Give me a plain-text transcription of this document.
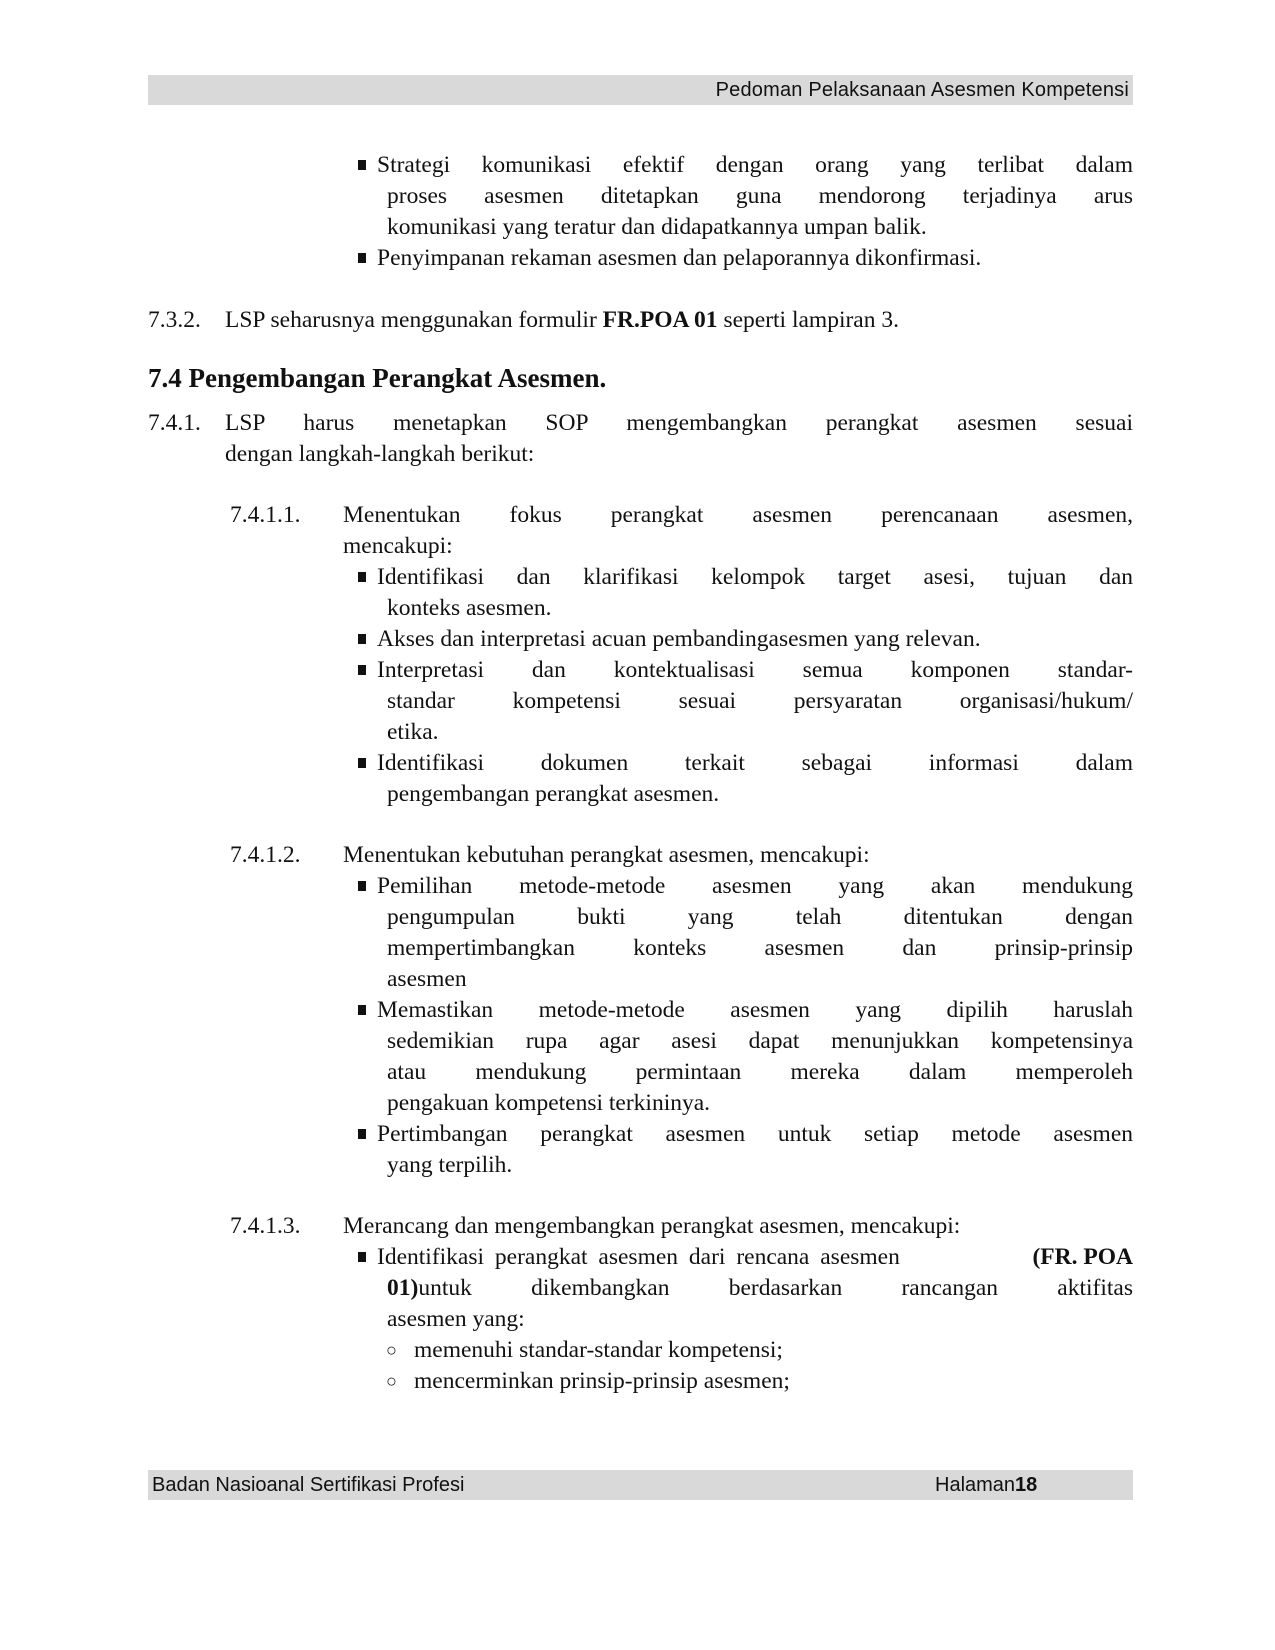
Pedoman Pelaksanaan Asesmen Kompetensi
Strategi komunikasi efektif dengan orang yang terlibat dalam
proses asesmen ditetapkan guna mendorong terjadinya arus
komunikasi yang teratur dan didapatkannya umpan balik.
Penyimpanan rekaman asesmen dan pelaporannya dikonfirmasi.
7.3.2. LSP seharusnya menggunakan formulir FR.POA 01 seperti lampiran 3.
7.4 Pengembangan Perangkat Asesmen.
7.4.1. LSP harus menetapkan SOP mengembangkan perangkat asesmen sesuai
dengan langkah-langkah berikut:
7.4.1.1. Menentukan fokus perangkat asesmen perencanaan asesmen,
mencakupi:
Identifikasi dan klarifikasi kelompok target asesi, tujuan dan
konteks asesmen.
Akses dan interpretasi acuan pembandingasesmen yang relevan.
Interpretasi dan kontektualisasi semua komponen standar-
standar kompetensi sesuai persyaratan organisasi/hukum/
etika.
Identifikasi dokumen terkait sebagai informasi dalam
pengembangan perangkat asesmen.
7.4.1.2. Menentukan kebutuhan perangkat asesmen, mencakupi:
Pemilihan metode-metode asesmen yang akan mendukung
pengumpulan bukti yang telah ditentukan dengan
mempertimbangkan konteks asesmen dan prinsip-prinsip
asesmen
Memastikan metode-metode asesmen yang dipilih haruslah
sedemikian rupa agar asesi dapat menunjukkan kompetensinya
atau mendukung permintaan mereka dalam memperoleh
pengakuan kompetensi terkininya.
Pertimbangan perangkat asesmen untuk setiap metode asesmen
yang terpilih.
7.4.1.3. Merancang dan mengembangkan perangkat asesmen, mencakupi:
Identifikasi perangkat asesmen dari rencana asesmen	(FR. POA
01) untuk dikembangkan berdasarkan rancangan aktifitas
asesmen yang:
○ memenuhi standar-standar kompetensi;
○ mencerminkan prinsip-prinsip asesmen;
Badan Nasioanal Sertifikasi Profesi	Halaman18
